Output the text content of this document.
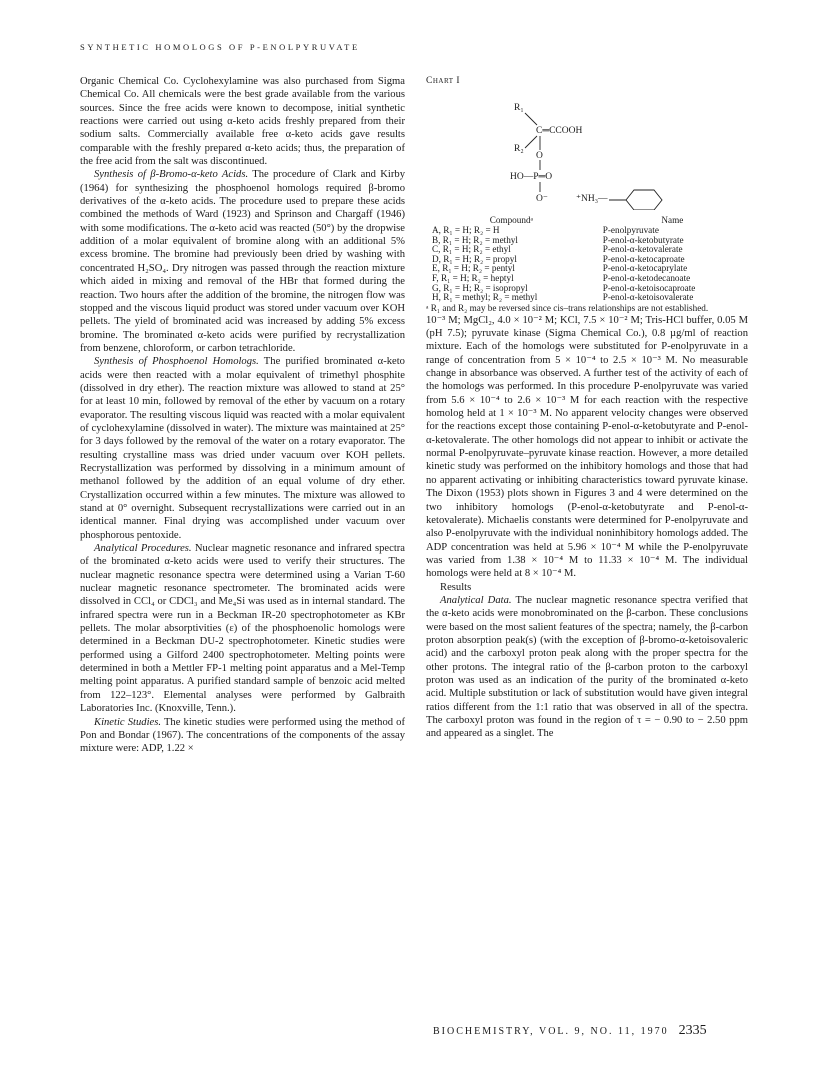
SYNTHETIC HOMOLOGS OF P-ENOLPYRUVATE

Organic Chemical Co. Cyclohexylamine was also purchased from Sigma Chemical Co. All chemicals were the best grade available from the various sources. Since the free acids were known to decompose, initial synthetic reactions were carried out using α-keto acids freshly prepared from their sodium salts. Commercially available free α-keto acids gave results comparable with the freshly prepared α-keto acids; thus, the preparation of the free acid from the salt was discontinued.

Synthesis of β-Bromo-α-keto Acids. The procedure of Clark and Kirby (1964) for synthesizing the phosphoenol homologs required β-bromo derivatives of the α-keto acids. The procedure used to prepare these acids combined the methods of Ward (1923) and Sprinson and Chargaff (1946) with some modifications. The α-keto acid was reacted (50°) by the dropwise addition of a molar equivalent of bromine along with an additional 5% excess bromine. The bromine had previously been dried by washing with concentrated H₂SO₄. Dry nitrogen was passed through the reaction mixture which aided in mixing and removal of the HBr that formed during the reaction. Two hours after the addition of the bromine, the nitrogen flow was stopped and the viscous liquid product was stored under vacuum over KOH pellets. The yield of brominated acid was increased by adding 5% excess bromine. The brominated α-keto acids were purified by recrystallization from benzene, chloroform, or carbon tetrachloride.

Synthesis of Phosphoenol Homologs. The purified brominated α-keto acids were then reacted with a molar equivalent of trimethyl phosphite (dissolved in dry ether). The reaction mixture was allowed to stand at 25° for at least 10 min, followed by removal of the ether by vacuum on a rotary evaporator. The resulting viscous liquid was reacted with a molar equivalent of cyclohexylamine (dissolved in water). The mixture was maintained at 25° for 3 days followed by the removal of the water on a rotary evaporator. The resulting crystalline mass was dried under vacuum over KOH pellets. Recrystallization was performed by dissolving in a minimum amount of methanol followed by the addition of an equal volume of dry ether. Crystallization occurred within a few minutes. The mixture was allowed to stand at 0° overnight. Subsequent recrystallizations were carried out in an identical manner. Final drying was accomplished under vacuum over phosphorous pentoxide.

Analytical Procedures. Nuclear magnetic resonance and infrared spectra of the brominated α-keto acids were used to verify their structures. The nuclear magnetic resonance spectra were determined using a Varian T-60 nuclear magnetic resonance spectrometer. The brominated acids were dissolved in CCl₄ or CDCl₃ and Me₄Si was used as in internal standard. The infrared spectra were run in a Beckman IR-20 spectrophotometer as KBr pellets. The molar absorptivities (ε) of the phosphoenolic homologs were determined in a Beckman DU-2 spectrophotometer. Kinetic studies were performed using a Gilford 2400 spectrophotometer. Melting points were determined in both a Mettler FP-1 melting point apparatus and a Mel-Temp melting point apparatus. A purified standard sample of benzoic acid melted from 122–123°. Elemental analyses were performed by Galbraith Laboratories Inc. (Knoxville, Tenn.).

Kinetic Studies. The kinetic studies were performed using the method of Pon and Bondar (1967). The concentrations of the components of the assay mixture were: ADP, 1.22 ×

Chart I
R₁
C═CCOOH
R₂
O
HO—P═O
O⁻	⁺NH₃—
Compoundᵃ	Name
A, R₁ = H; R₂ = H	P-enolpyruvate
B, R₁ = H; R₂ = methyl	P-enol-α-ketobutyrate
C, R₁ = H; R₂ = ethyl	P-enol-α-ketovalerate
D, R₁ = H; R₂ = propyl	P-enol-α-ketocaproate
E, R₁ = H; R₂ = pentyl	P-enol-α-ketocaprylate
F, R₁ = H; R₂ = heptyl	P-enol-α-ketodecanoate
G, R₁ = H; R₂ = isopropyl	P-enol-α-ketoisocaproate
H, R₁ = methyl; R₂ = methyl	P-enol-α-ketoisovalerate

ᵃ R₁ and R₂ may be reversed since cis–trans relationships are not established.

10⁻³ M; MgCl₂, 4.0 × 10⁻² M; KCl, 7.5 × 10⁻² M; Tris-HCl buffer, 0.05 M (pH 7.5); pyruvate kinase (Sigma Chemical Co.), 0.8 µg/ml of reaction mixture. Each of the homologs were substituted for P-enolpyruvate in a range of concentration from 5 × 10⁻⁴ to 2.5 × 10⁻³ M. No measurable change in absorbance was observed. A further test of the activity of each of the homologs was performed. In this procedure P-enolpyruvate was varied from 5.6 × 10⁻⁴ to 2.6 × 10⁻³ M for each reaction with the respective homolog held at 1 × 10⁻³ M. No apparent velocity changes were observed for the reactions except those containing P-enol-α-ketobutyrate and P-enol-α-ketovalerate. The other homologs did not appear to inhibit or activate the normal P-enolpyruvate–pyruvate kinase reaction. However, a more detailed kinetic study was performed on the inhibitory homologs and those that had no apparent activating or inhibiting characteristics toward pyruvate kinase. The Dixon (1953) plots shown in Figures 3 and 4 were determined on the two inhibitory homologs (P-enol-α-ketobutyrate and P-enol-α-ketovalerate). Michaelis constants were determined for P-enolpyruvate and also P-enolpyruvate with the individual noninhibitory homologs added. The ADP concentration was held at 5.96 × 10⁻⁴ M while the P-enolpyruvate was varied from 1.38 × 10⁻⁴ M to 11.33 × 10⁻⁴ M. The individual homologs were held at 8 × 10⁻⁴ M.

Results

Analytical Data. The nuclear magnetic resonance spectra verified that the α-keto acids were monobrominated on the β-carbon. These conclusions were based on the most salient features of the spectra; namely, the β-carbon proton absorption peak(s) (with the exception of β-bromo-α-ketoisovaleric acid) and the carboxyl proton peak along with the proper spectra for the other protons. The integral ratio of the β-carbon proton to the carboxyl proton was used as an indication of the purity of the brominated α-keto acid. Multiple substitution or lack of substitution would have given integral ratios different from the 1:1 ratio that was observed in all of the spectra. The carboxyl proton was found in the region of τ = − 0.90 to − 2.50 ppm and appeared as a singlet. The

BIOCHEMISTRY, VOL. 9, NO. 11, 1970 2335
